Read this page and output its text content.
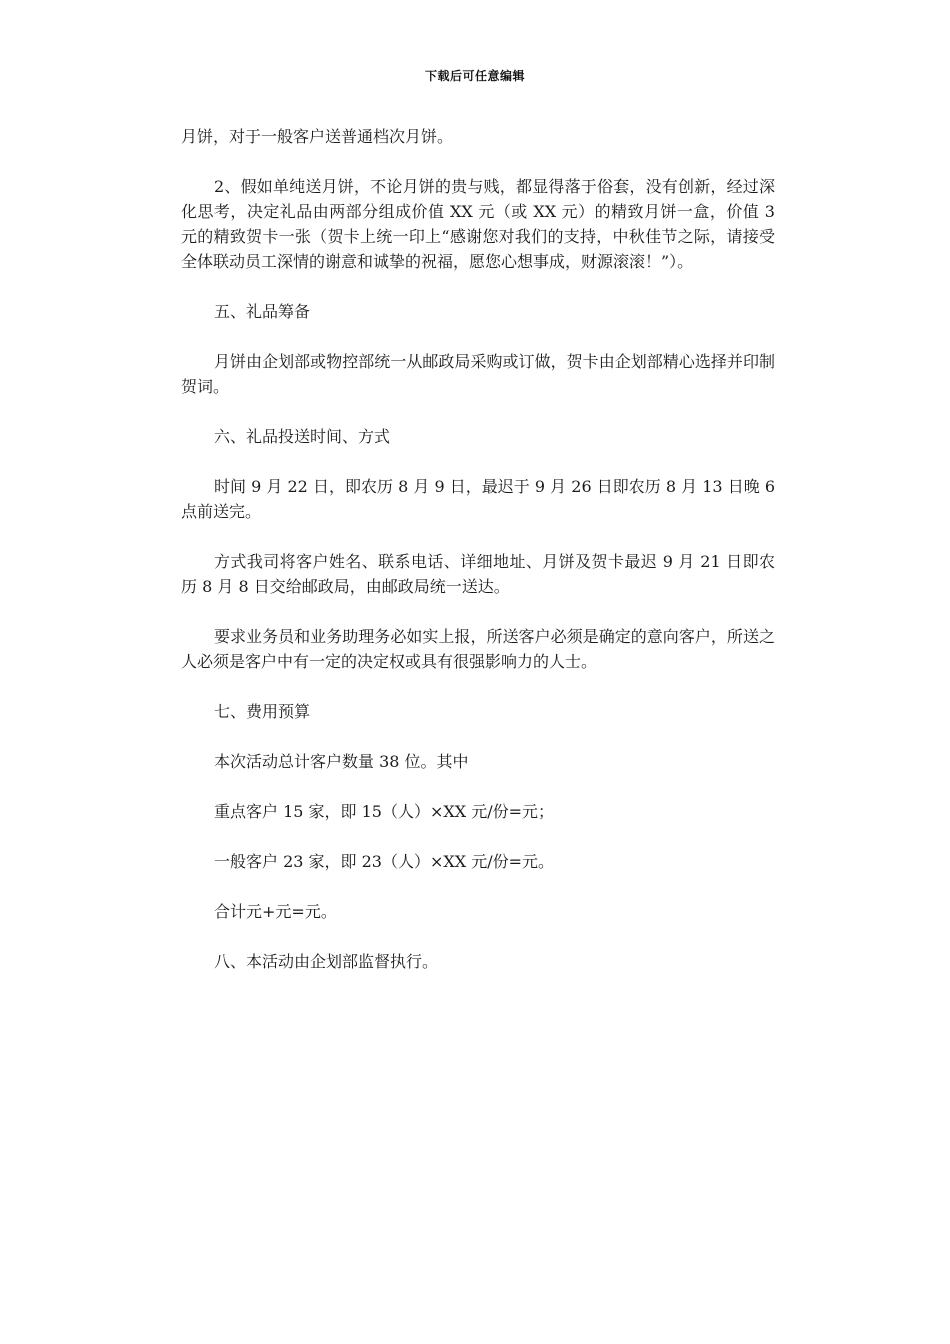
下载后可任意编辑

月饼，对于一般客户送普通档次月饼。

2、假如单纯送月饼，不论月饼的贵与贱，都显得落于俗套，没有创新，经过深化思考，决定礼品由两部分组成价值 XX 元（或 XX 元）的精致月饼一盒，价值 3 元的精致贺卡一张（贺卡上统一印上“感谢您对我们的支持，中秋佳节之际，请接受全体联动员工深情的谢意和诚挚的祝福，愿您心想事成，财源滚滚！”）。

五、礼品筹备

月饼由企划部或物控部统一从邮政局采购或订做，贺卡由企划部精心选择并印制贺词。

六、礼品投送时间、方式

时间 9 月 22 日，即农历 8 月 9 日，最迟于 9 月 26 日即农历 8 月 13 日晚 6 点前送完。

方式我司将客户姓名、联系电话、详细地址、月饼及贺卡最迟 9 月 21 日即农历 8 月 8 日交给邮政局，由邮政局统一送达。

要求业务员和业务助理务必如实上报，所送客户必须是确定的意向客户，所送之人必须是客户中有一定的决定权或具有很强影响力的人士。

七、费用预算

本次活动总计客户数量 38 位。其中

重点客户 15 家，即 15（人）×XX 元/份=元；

一般客户 23 家，即 23（人）×XX 元/份=元。

合计元+元=元。

八、本活动由企划部监督执行。
